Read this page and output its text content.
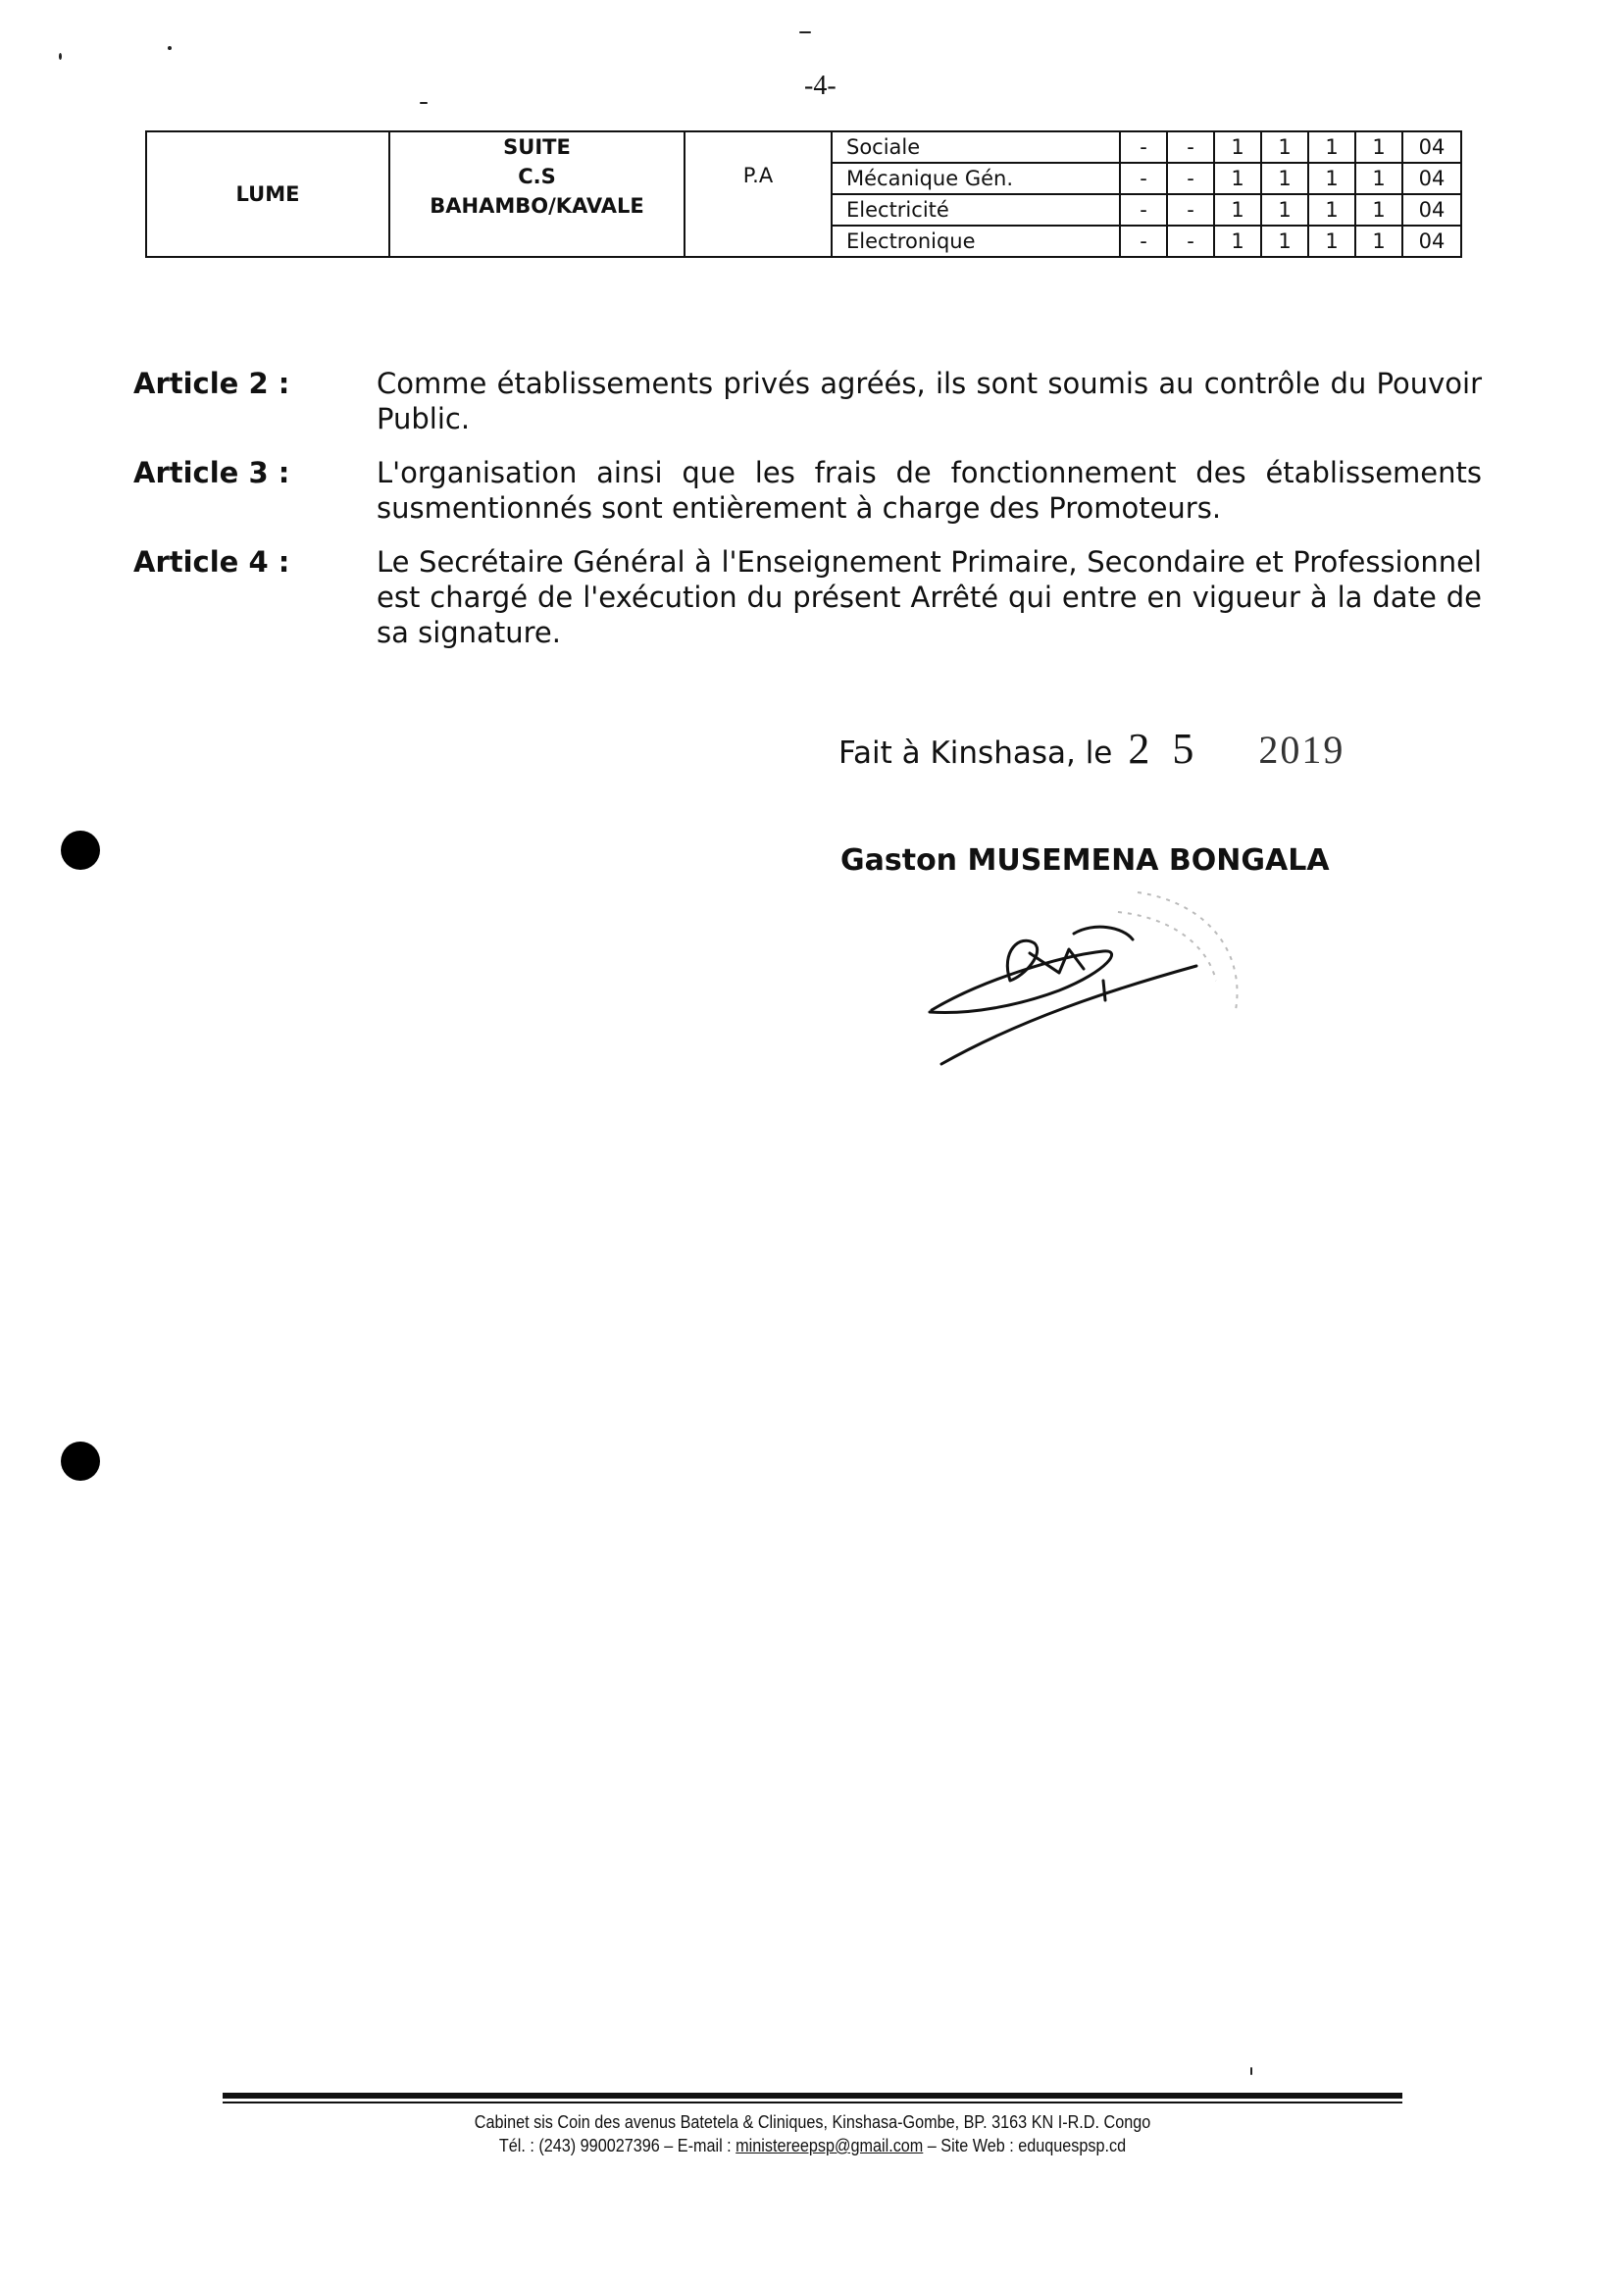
-4-
LUME	SUITE
C.S
BAHAMBO/KAVALE	P.A	Sociale	-	-	1	1	1	1	04
			Mécanique Gén.	-	-	1	1	1	1	04
			Electricité	-	-	1	1	1	1	04
			Electronique	-	-	1	1	1	1	04
Article 2 :	Comme établissements privés agréés, ils sont soumis au contrôle du Pouvoir Public.
Article 3 :	L'organisation ainsi que les frais de fonctionnement des établissements susmentionnés sont entièrement à charge des Promoteurs.
Article 4 :	Le Secrétaire Général à l'Enseignement Primaire, Secondaire et Professionnel est chargé de l'exécution du présent Arrêté qui entre en vigueur à la date de sa signature.
Fait à Kinshasa, le 2 5 2019
Gaston MUSEMENA BONGALA
Cabinet sis Coin des avenus Batetela & Cliniques, Kinshasa-Gombe, BP. 3163 KN I-R.D. Congo
Tél. : (243) 990027396 – E-mail : ministereepsp@gmail.com – Site Web : eduquespsp.cd
